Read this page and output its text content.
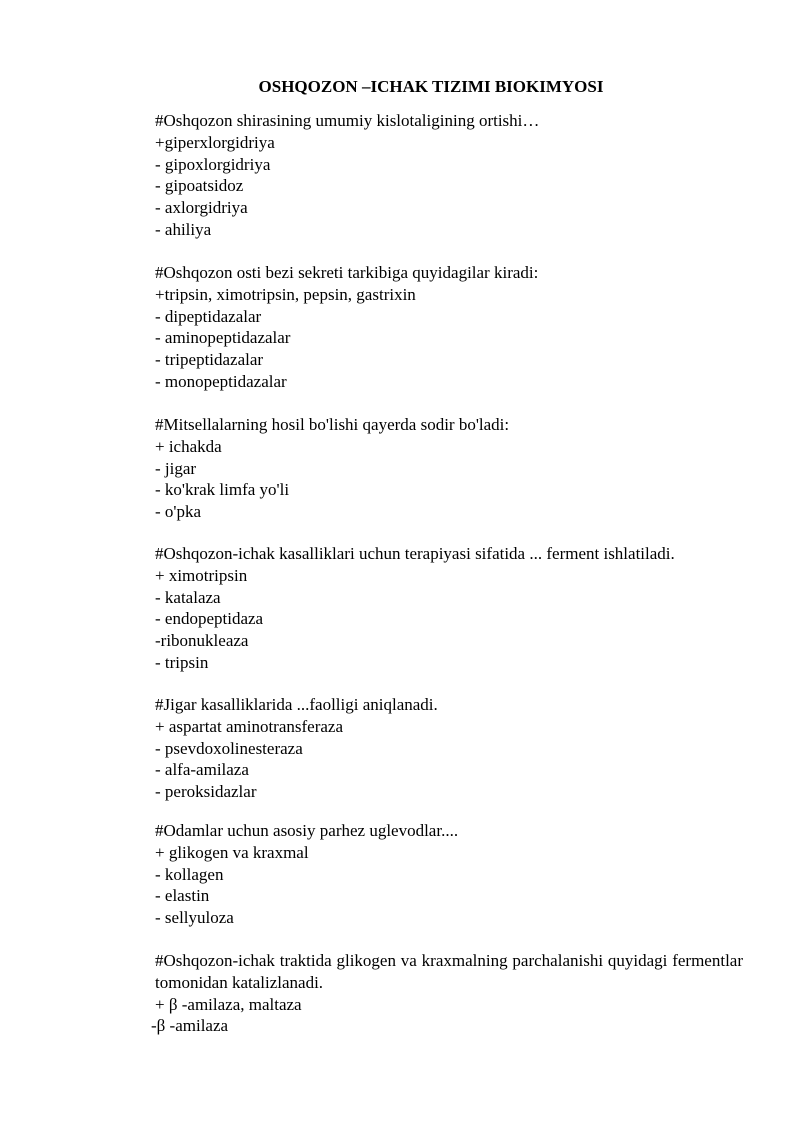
OSHQOZON –ICHAK TIZIMI BIOKIMYOSI
#Oshqozon shirasining umumiy kislotaligining ortishi…
+giperxlorgidriya
- gipoxlorgidriya
- gipoatsidoz
- axlorgidriya
- ahiliya
#Oshqozon osti bezi sekreti tarkibiga quyidagilar kiradi:
+tripsin, ximotripsin, pepsin, gastrixin
- dipeptidazalar
- aminopeptidazalar
- tripeptidazalar
- monopeptidazalar
#Mitsellalarning hosil bo'lishi qayerda sodir bo'ladi:
+ ichakda
- jigar
- ko'krak limfa yo'li
- o'pka
#Oshqozon-ichak kasalliklari uchun terapiyasi sifatida ... ferment ishlatiladi.
+ ximotripsin
- katalaza
- endopeptidaza
-ribonukleaza
- tripsin
#Jigar kasalliklarida ...faolligi aniqlanadi.
+ aspartat aminotransferaza
- psevdoxolinesteraza
- alfa-amilaza
- peroksidazlar
#Odamlar uchun asosiy parhez uglevodlar....
+ glikogen va kraxmal
- kollagen
- elastin
- sellyuloza
#Oshqozon-ichak traktida glikogen va kraxmalning parchalanishi quyidagi fermentlar tomonidan katalizlanadi.
+ β -amilaza, maltaza
-β -amilaza
